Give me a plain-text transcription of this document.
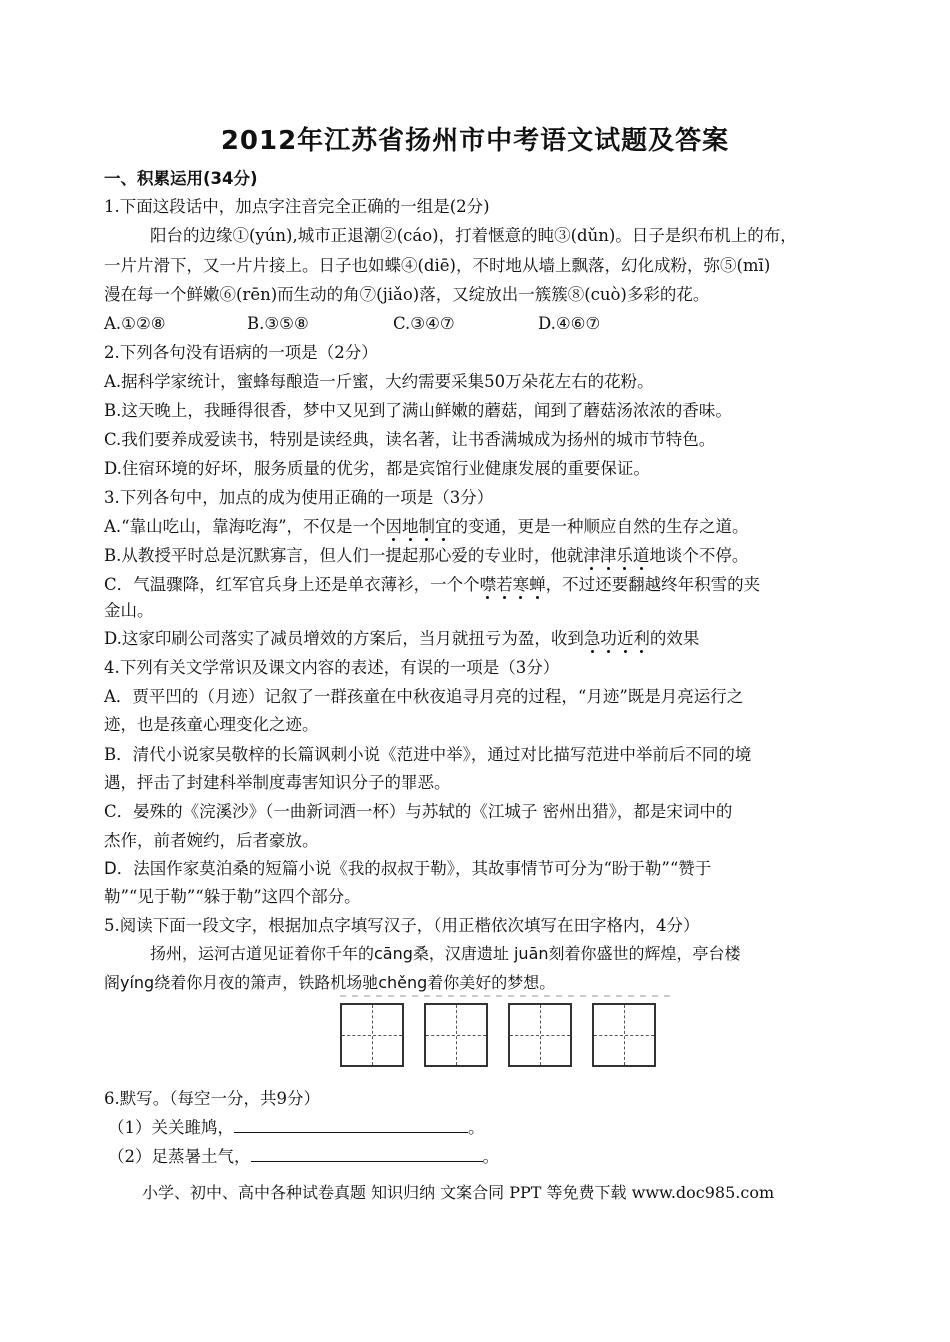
2012年江苏省扬州市中考语文试题及答案
一、积累运用(34分)
1.下面这段话中，加点字注音完全正确的一组是(2分)
阳台的边缘①(yún),城市正退潮②(cáo)，打着惬意的盹③(dǔn)。日子是织布机上的布，
一片片滑下，又一片片接上。日子也如蝶④(diē)，不时地从墙上飘落，幻化成粉，弥⑤(mī)
漫在每一个鲜嫩⑥(rēn)而生动的角⑦(jiǎo)落，又绽放出一簇簇⑧(cuò)多彩的花。
A.①②⑧	B.③⑤⑧	C.③④⑦	D.④⑥⑦
2.下列各句没有语病的一项是（2分）
A.据科学家统计，蜜蜂每酿造一斤蜜，大约需要采集50万朵花左右的花粉。
B.这天晚上，我睡得很香，梦中又见到了满山鲜嫩的蘑菇，闻到了蘑菇汤浓浓的香味。
C.我们要养成爱读书，特别是读经典，读名著，让书香满城成为扬州的城市节特色。
D.住宿环境的好坏，服务质量的优劣，都是宾馆行业健康发展的重要保证。
3.下列各句中，加点的成为使用正确的一项是（3分）
A.“靠山吃山，靠海吃海”，不仅是一个因地制宜的变通，更是一种顺应自然的生存之道。
B.从教授平时总是沉默寡言，但人们一提起那心爱的专业时，他就津津乐道地谈个不停。
C．气温骤降，红军官兵身上还是单衣薄衫，一个个噤若寒蝉，不过还要翻越终年积雪的夹
金山。
D.这家印刷公司落实了减员增效的方案后，当月就扭亏为盈，收到急功近利的效果
4.下列有关文学常识及课文内容的表述，有误的一项是（3分）
A．贾平凹的（月迹）记叙了一群孩童在中秋夜追寻月亮的过程，“月迹”既是月亮运行之
迹，也是孩童心理变化之迹。
B．清代小说家吴敬梓的长篇讽刺小说《范进中举》，通过对比描写范进中举前后不同的境
遇，抨击了封建科举制度毒害知识分子的罪恶。
C．晏殊的《浣溪沙》（一曲新词酒一杯）与苏轼的《江城子 密州出猎》，都是宋词中的
杰作，前者婉约，后者豪放。
D．法国作家莫泊桑的短篇小说《我的叔叔于勒》，其故事情节可分为“盼于勒”“赞于
勒”“见于勒”“躲于勒”这四个部分。
5.阅读下面一段文字，根据加点字填写汉子，（用正楷依次填写在田字格内，4分）
扬州，运河古道见证着你千年的cāng桑，汉唐遗址 juān刻着你盛世的辉煌，亭台楼
阁yíng绕着你月夜的箫声，铁路机场驰chěng着你美好的梦想。
6.默写。（每空一分，共9分）
（1）关关雎鸠，	。
（2）足蒸暑土气，	。
小学、初中、高中各种试卷真题 知识归纳 文案合同 PPT 等免费下载 www.doc985.com
